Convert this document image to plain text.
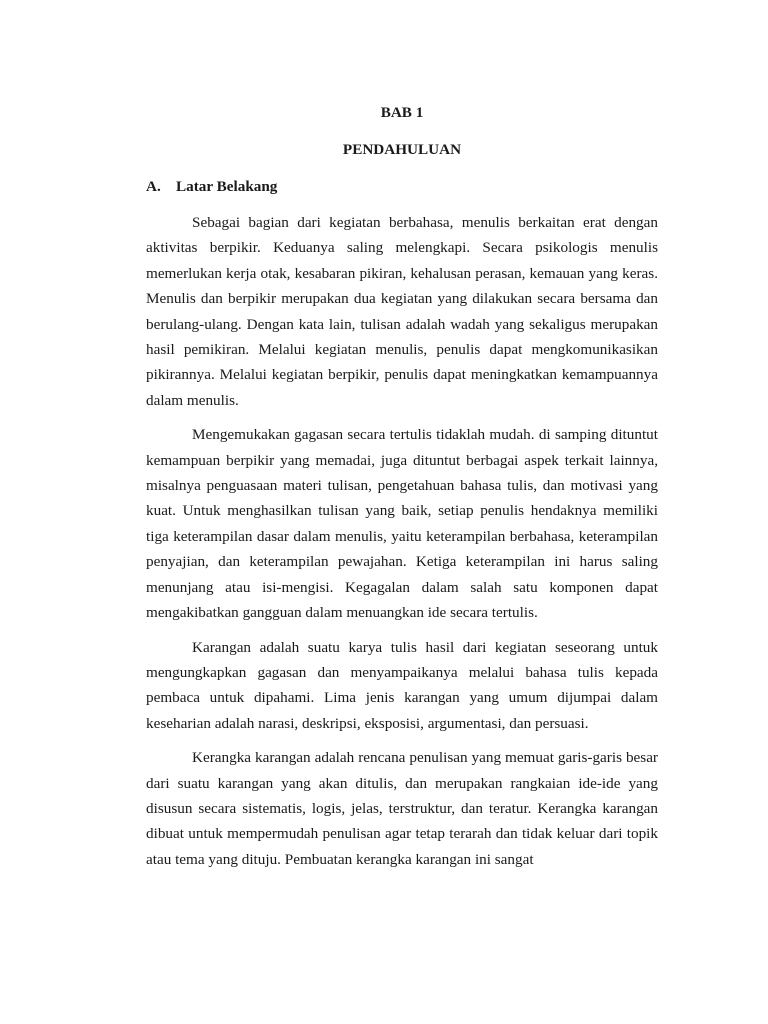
BAB 1
PENDAHULUAN
A. Latar Belakang

Sebagai bagian dari kegiatan berbahasa, menulis berkaitan erat dengan aktivitas berpikir. Keduanya saling melengkapi. Secara psikologis menulis memerlukan kerja otak, kesabaran pikiran, kehalusan perasan, kemauan yang keras. Menulis dan berpikir merupakan dua kegiatan yang dilakukan secara bersama dan berulang-ulang. Dengan kata lain, tulisan adalah wadah yang sekaligus merupakan hasil pemikiran. Melalui kegiatan menulis, penulis dapat mengkomunikasikan pikirannya. Melalui kegiatan berpikir, penulis dapat meningkatkan kemampuannya dalam menulis.

Mengemukakan gagasan secara tertulis tidaklah mudah. di samping dituntut kemampuan berpikir yang memadai, juga dituntut berbagai aspek terkait lainnya, misalnya penguasaan materi tulisan, pengetahuan bahasa tulis, dan motivasi yang kuat. Untuk menghasilkan tulisan yang baik, setiap penulis hendaknya memiliki tiga keterampilan dasar dalam menulis, yaitu keterampilan berbahasa, keterampilan penyajian, dan keterampilan pewajahan. Ketiga keterampilan ini harus saling menunjang atau isi-mengisi. Kegagalan dalam salah satu komponen dapat mengakibatkan gangguan dalam menuangkan ide secara tertulis.

Karangan adalah suatu karya tulis hasil dari kegiatan seseorang untuk mengungkapkan gagasan dan menyampaikanya melalui bahasa tulis kepada pembaca untuk dipahami. Lima jenis karangan yang umum dijumpai dalam keseharian adalah narasi, deskripsi, eksposisi, argumentasi, dan persuasi.

Kerangka karangan adalah rencana penulisan yang memuat garis-garis besar dari suatu karangan yang akan ditulis, dan merupakan rangkaian ide-ide yang disusun secara sistematis, logis, jelas, terstruktur, dan teratur. Kerangka karangan dibuat untuk mempermudah penulisan agar tetap terarah dan tidak keluar dari topik atau tema yang dituju. Pembuatan kerangka karangan ini sangat
